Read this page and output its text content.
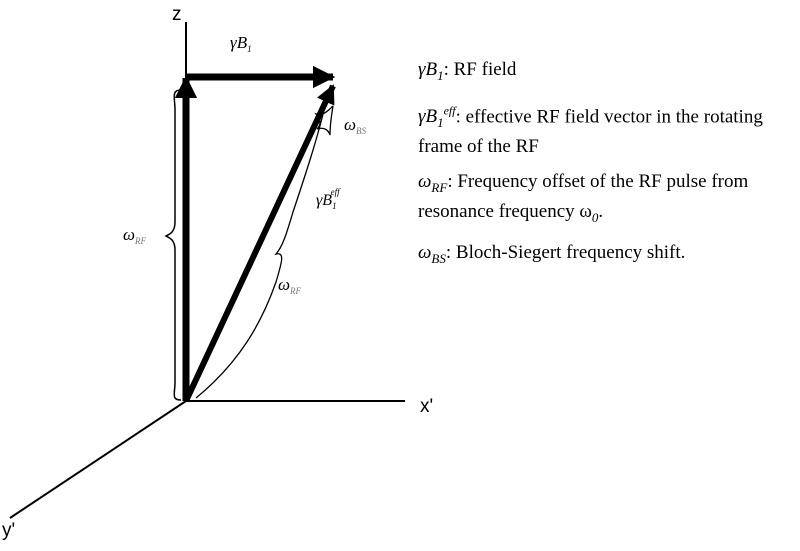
z
x'
y'
$\gamma B_1$
$\gamma B_1eff$
$\omega_{BS}$
$\omega_{RF}$
$\omega_{RF}$
$\gamma B_1$: RF field
$\gamma B_1^{eff}$: effective RF field vector in the rotating frame of the RF
$\omega_{RF}$: Frequency offset of the RF pulse from resonance frequency $\omega_0$.
$\omega_{BS}$: Bloch-Siegert frequency shift.
